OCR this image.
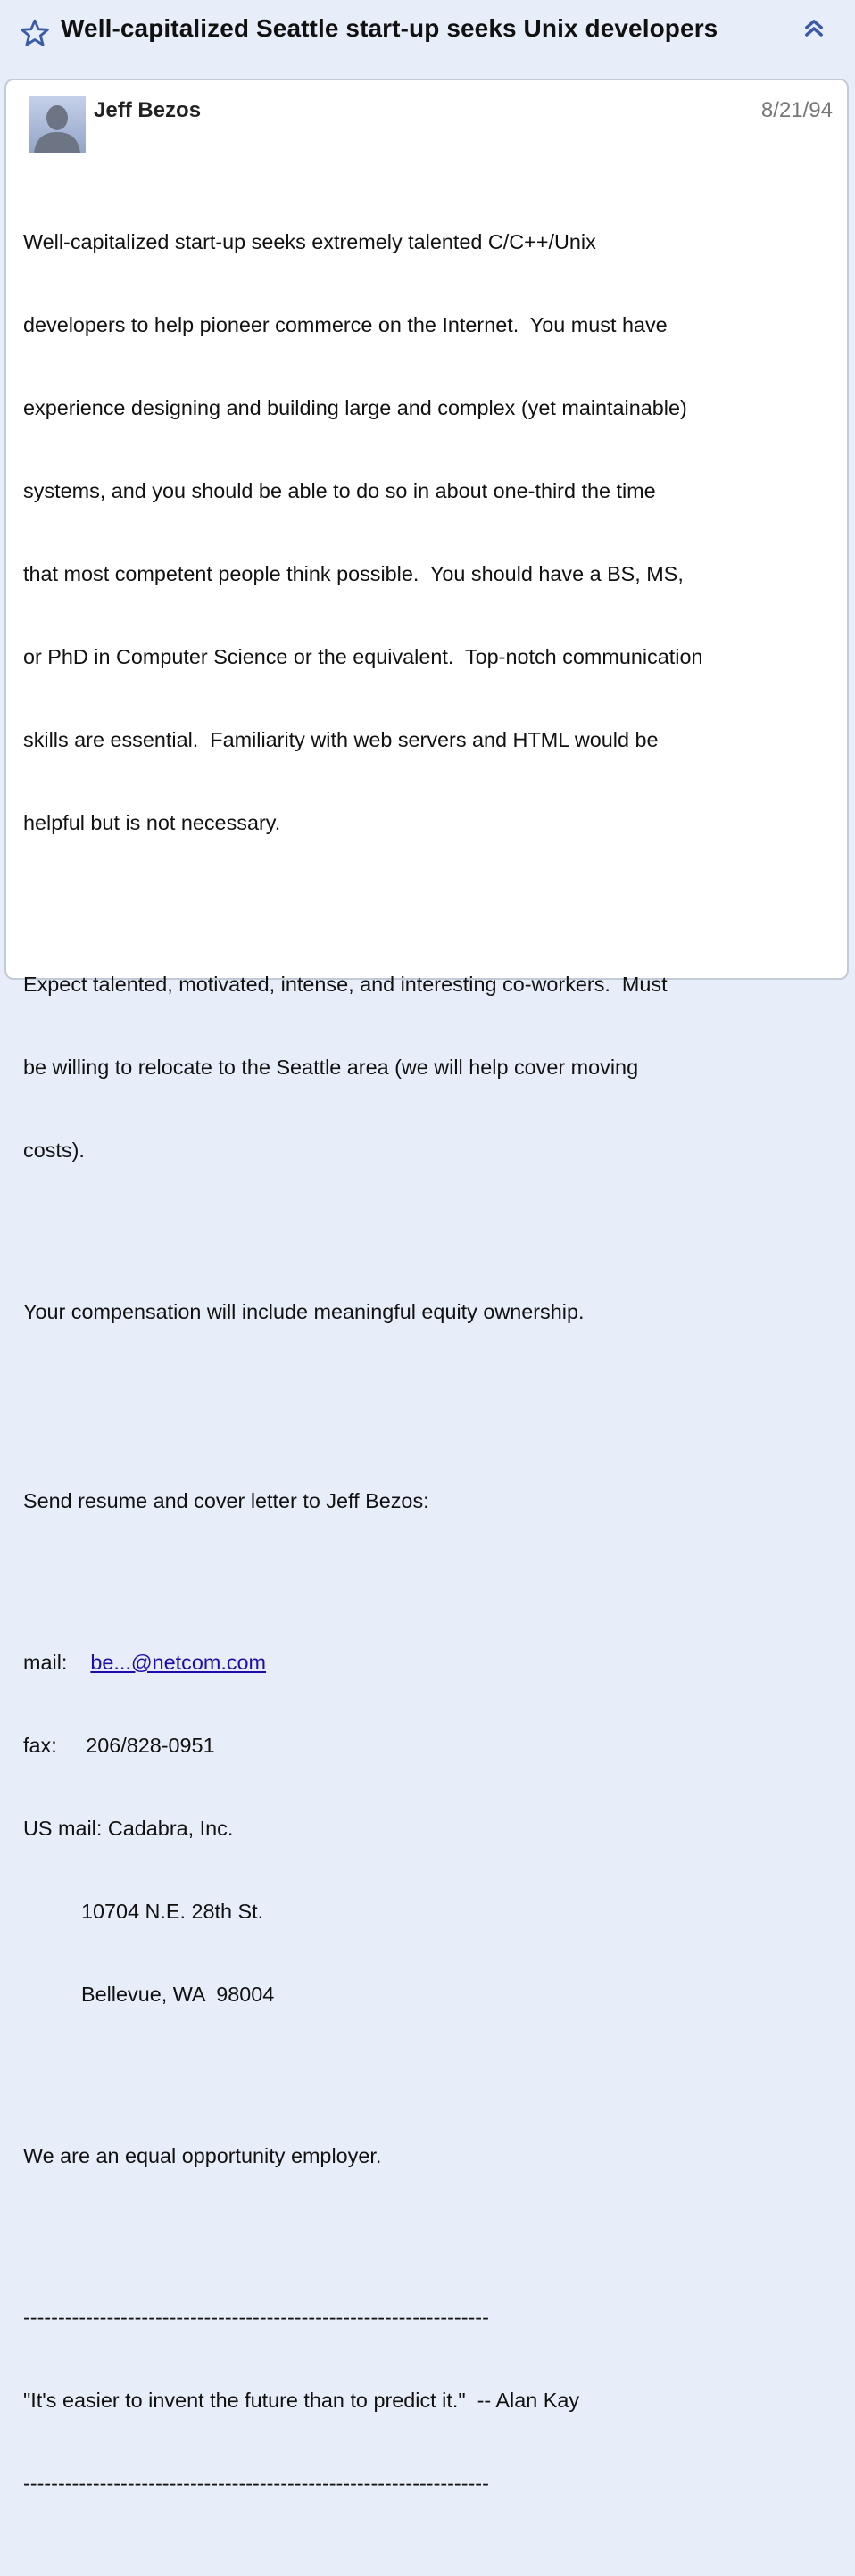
Well-capitalized Seattle start-up seeks Unix developers
Jeff Bezos	8/21/94

Well-capitalized start-up seeks extremely talented C/C++/Unix

developers to help pioneer commerce on the Internet.  You must have

experience designing and building large and complex (yet maintainable)

systems, and you should be able to do so in about one-third the time

that most competent people think possible.  You should have a BS, MS,

or PhD in Computer Science or the equivalent.  Top-notch communication

skills are essential.  Familiarity with web servers and HTML would be

helpful but is not necessary.

Expect talented, motivated, intense, and interesting co-workers.  Must

be willing to relocate to the Seattle area (we will help cover moving

costs).

Your compensation will include meaningful equity ownership.

Send resume and cover letter to Jeff Bezos:

mail: be...@netcom.com

fax: 206/828-0951

US mail: Cadabra, Inc.

10704 N.E. 28th St.

Bellevue, WA  98004

We are an equal opportunity employer.

-------------------------------------------------------------------

"It's easier to invent the future than to predict it."  -- Alan Kay

-------------------------------------------------------------------
